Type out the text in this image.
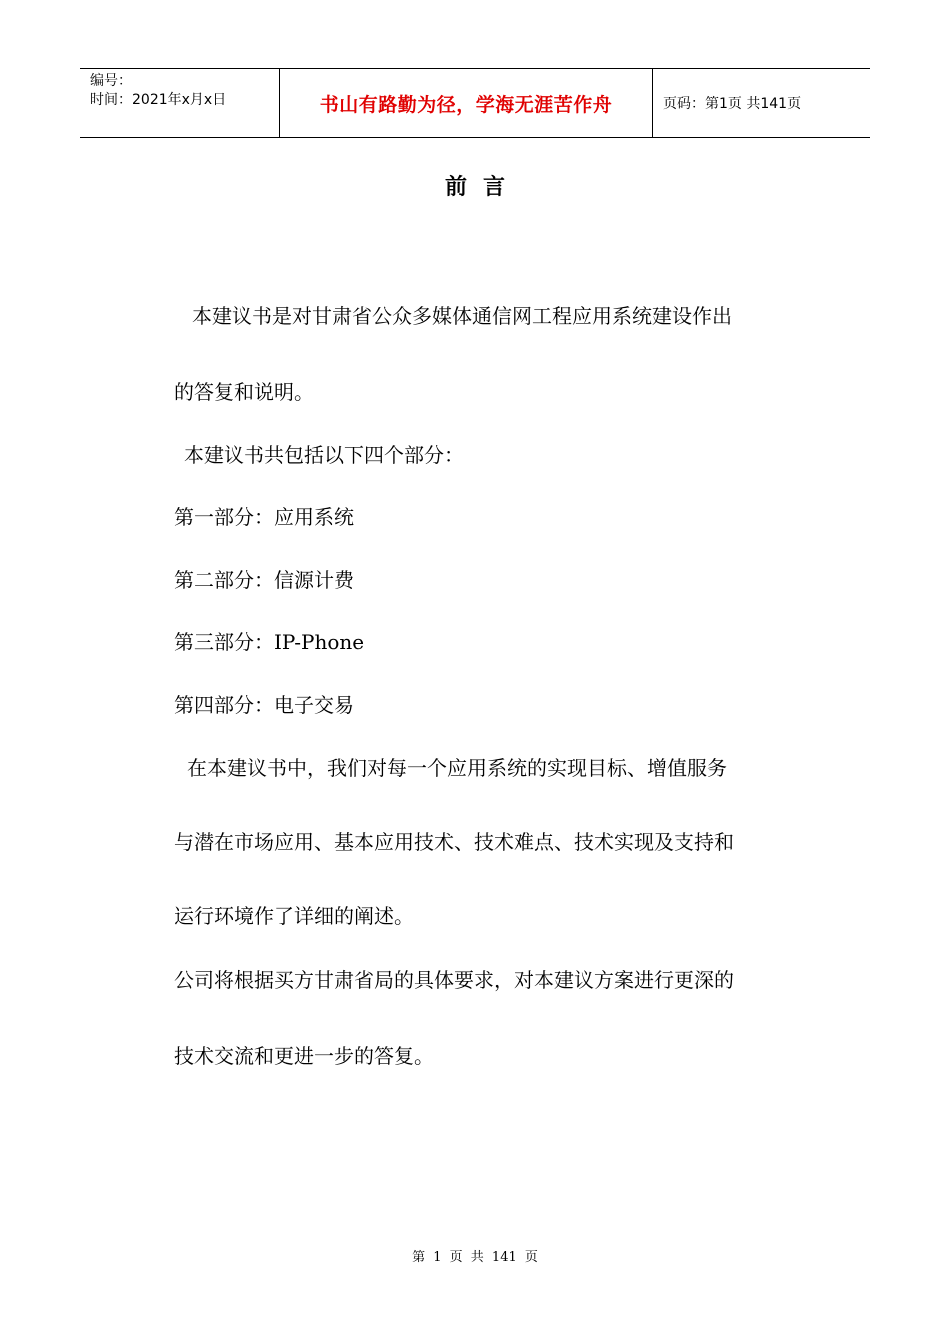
编号：
时间：2021年x月x日	书山有路勤为径，学海无涯苦作舟	页码：第1页 共141页
前言
本建议书是对甘肃省公众多媒体通信网工程应用系统建设作出
的答复和说明。
本建议书共包括以下四个部分：
第一部分：应用系统
第二部分：信源计费
第三部分：IP-Phone
第四部分：电子交易
在本建议书中，我们对每一个应用系统的实现目标、增值服务
与潜在市场应用、基本应用技术、技术难点、技术实现及支持和
运行环境作了详细的阐述。
公司将根据买方甘肃省局的具体要求，对本建议方案进行更深的
技术交流和更进一步的答复。
第 1 页 共 141 页
